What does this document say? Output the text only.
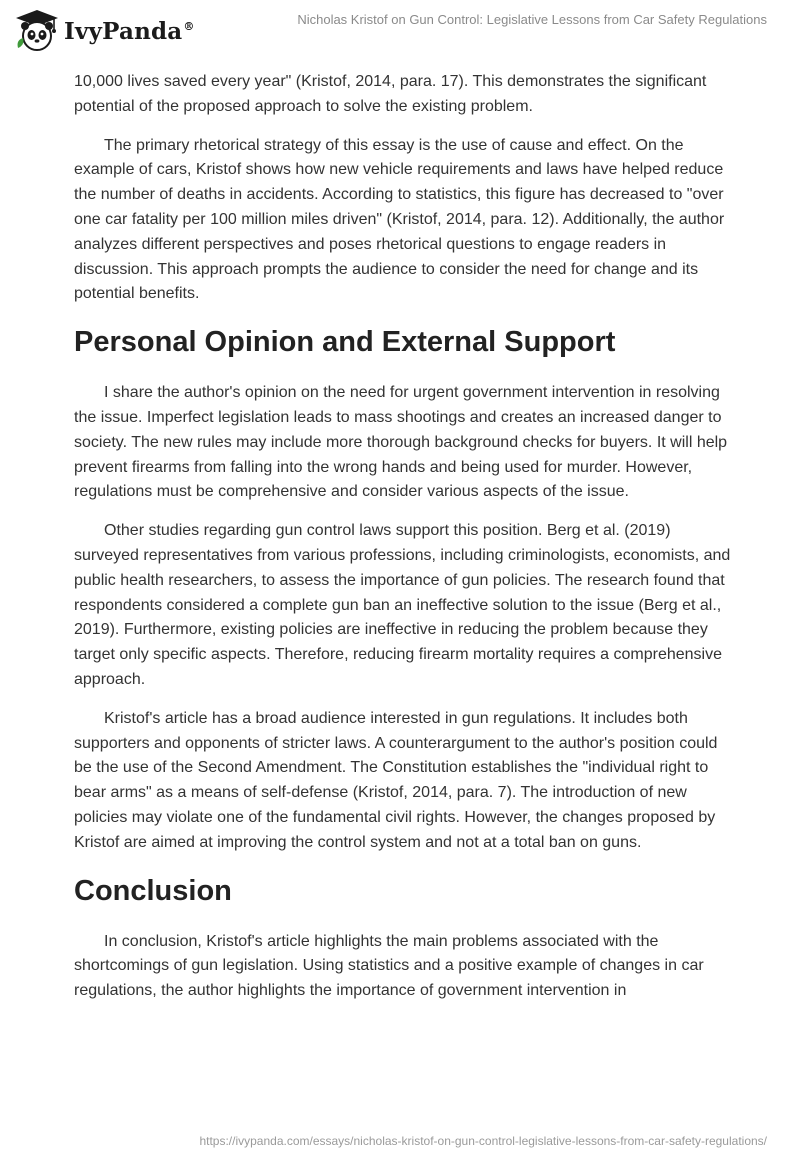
IvyPanda®	Nicholas Kristof on Gun Control: Legislative Lessons from Car Safety Regulations

10,000 lives saved every year" (Kristof, 2014, para. 17). This demonstrates the significant potential of the proposed approach to solve the existing problem.

The primary rhetorical strategy of this essay is the use of cause and effect. On the example of cars, Kristof shows how new vehicle requirements and laws have helped reduce the number of deaths in accidents. According to statistics, this figure has decreased to "over one car fatality per 100 million miles driven" (Kristof, 2014, para. 12). Additionally, the author analyzes different perspectives and poses rhetorical questions to engage readers in discussion. This approach prompts the audience to consider the need for change and its potential benefits.

Personal Opinion and External Support

I share the author's opinion on the need for urgent government intervention in resolving the issue. Imperfect legislation leads to mass shootings and creates an increased danger to society. The new rules may include more thorough background checks for buyers. It will help prevent firearms from falling into the wrong hands and being used for murder. However, regulations must be comprehensive and consider various aspects of the issue.

Other studies regarding gun control laws support this position. Berg et al. (2019) surveyed representatives from various professions, including criminologists, economists, and public health researchers, to assess the importance of gun policies. The research found that respondents considered a complete gun ban an ineffective solution to the issue (Berg et al., 2019). Furthermore, existing policies are ineffective in reducing the problem because they target only specific aspects. Therefore, reducing firearm mortality requires a comprehensive approach.

Kristof's article has a broad audience interested in gun regulations. It includes both supporters and opponents of stricter laws. A counterargument to the author's position could be the use of the Second Amendment. The Constitution establishes the "individual right to bear arms" as a means of self-defense (Kristof, 2014, para. 7). The introduction of new policies may violate one of the fundamental civil rights. However, the changes proposed by Kristof are aimed at improving the control system and not at a total ban on guns.

Conclusion

In conclusion, Kristof's article highlights the main problems associated with the shortcomings of gun legislation. Using statistics and a positive example of changes in car regulations, the author highlights the importance of government intervention in

https://ivypanda.com/essays/nicholas-kristof-on-gun-control-legislative-lessons-from-car-safety-regulations/
